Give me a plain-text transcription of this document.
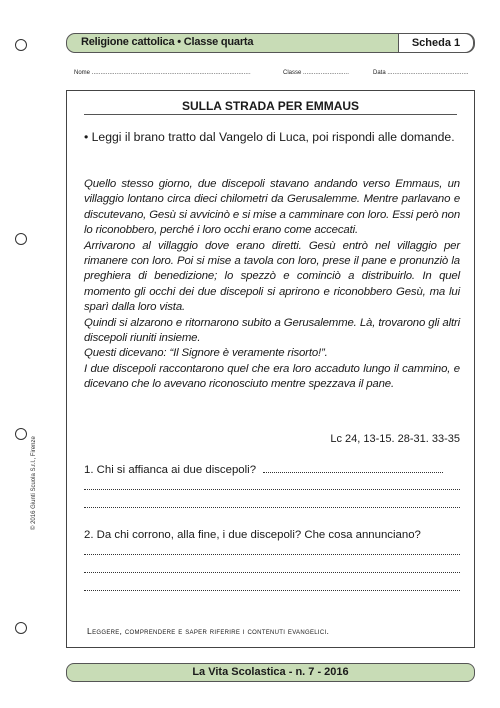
Religione cattolica • Classe quarta	Scheda 1
Nome ..........................................................................................	Classe ..........................	Data ..............................................
SULLA STRADA PER EMMAUS
• Leggi il brano tratto dal Vangelo di Luca, poi rispondi alle domande.

Quello stesso giorno, due discepoli stavano andando verso Emmaus, un villaggio lontano circa dieci chilometri da Gerusalemme. Mentre parlavano e discutevano, Gesù si avvicinò e si mise a camminare con loro. Essi però non lo riconobbero, perché i loro occhi erano come accecati.

Arrivarono al villaggio dove erano diretti. Gesù entrò nel villaggio per rimanere con loro. Poi si mise a tavola con loro, prese il pane e pronunziò la preghiera di benedizione; lo spezzò e cominciò a distribuirlo. In quel momento gli occhi dei due discepoli si aprirono e riconobbero Gesù, ma lui sparì dalla loro vista.

Quindi si alzarono e ritornarono subito a Gerusalemme. Là, trovarono gli altri discepoli riuniti insieme.

Questi dicevano: “Il Signore è veramente risorto!”.

I due discepoli raccontarono quel che era loro accaduto lungo il cammino, e dicevano che lo avevano riconosciuto mentre spezzava il pane.

Lc 24, 13-15. 28-31. 33-35
1. Chi si affianca ai due discepoli?
2. Da chi corrono, alla fine, i due discepoli? Che cosa annunciano?
Leggere, comprendere e saper riferire i contenuti evangelici.
© 2016 Giunti Scuola S.r.l., Firenze
La Vita Scolastica - n. 7 - 2016
